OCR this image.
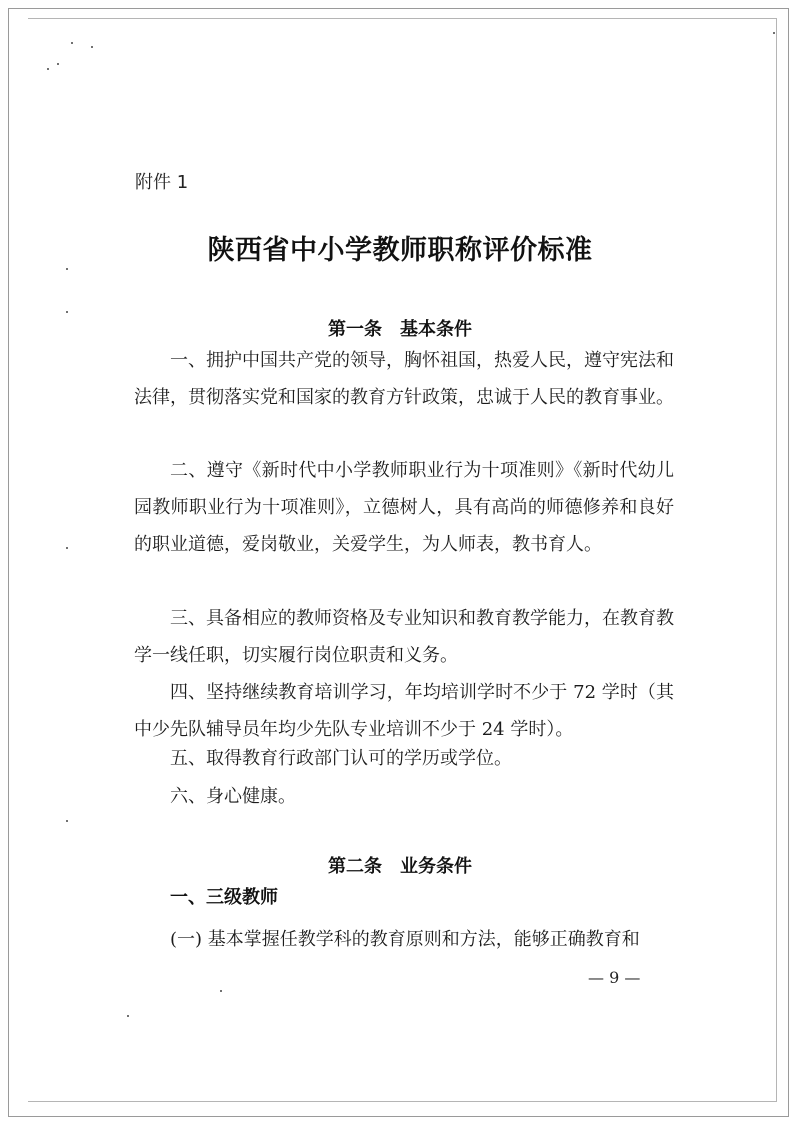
附件 1

陕西省中小学教师职称评价标准
第一条　基本条件

一、拥护中国共产党的领导，胸怀祖国，热爱人民，遵守宪法和法律，贯彻落实党和国家的教育方针政策，忠诚于人民的教育事业。

二、遵守《新时代中小学教师职业行为十项准则》《新时代幼儿园教师职业行为十项准则》，立德树人，具有高尚的师德修养和良好的职业道德，爱岗敬业，关爱学生，为人师表，教书育人。

三、具备相应的教师资格及专业知识和教育教学能力，在教育教学一线任职，切实履行岗位职责和义务。

四、坚持继续教育培训学习，年均培训学时不少于 72 学时（其中少先队辅导员年均少先队专业培训不少于 24 学时）。

五、取得教育行政部门认可的学历或学位。

六、身心健康。

第二条　业务条件

一、三级教师

(一) 基本掌握任教学科的教育原则和方法，能够正确教育和

— 9 —
